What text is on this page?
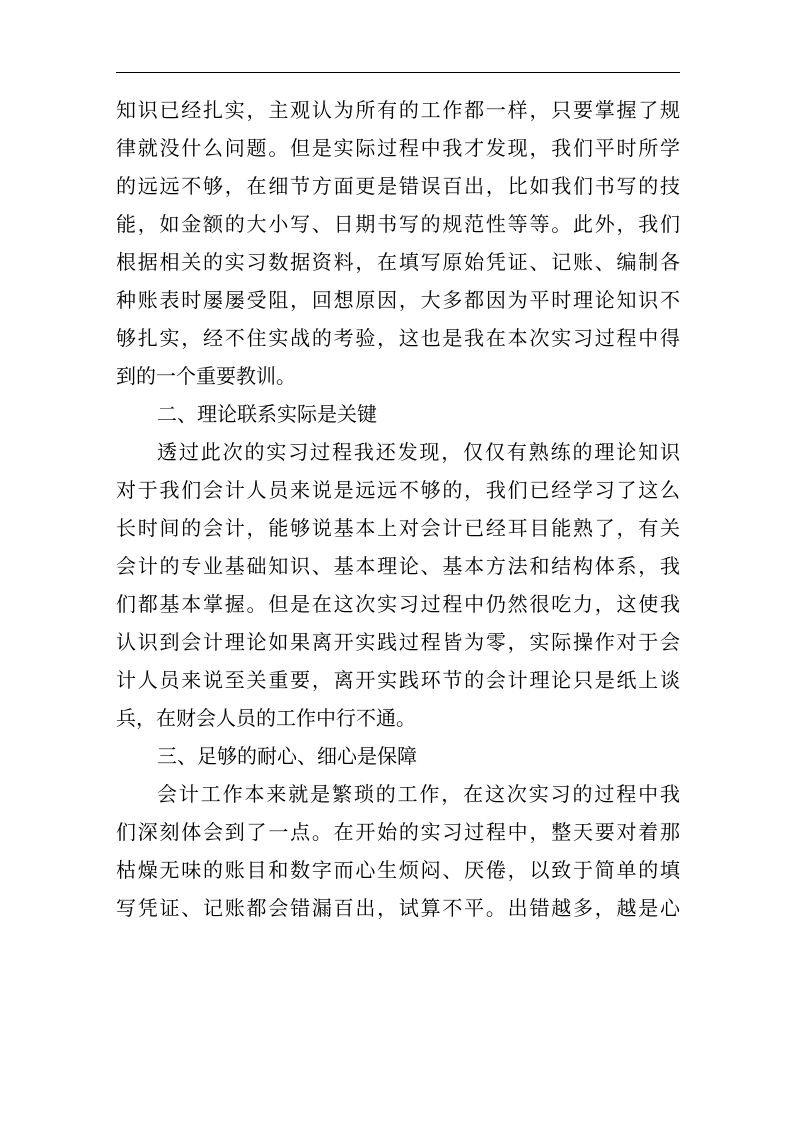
知识已经扎实，主观认为所有的工作都一样，只要掌握了规
律就没什么问题。但是实际过程中我才发现，我们平时所学
的远远不够，在细节方面更是错误百出，比如我们书写的技
能，如金额的大小写、日期书写的规范性等等。此外，我们
根据相关的实习数据资料，在填写原始凭证、记账、编制各
种账表时屡屡受阻，回想原因，大多都因为平时理论知识不
够扎实，经不住实战的考验，这也是我在本次实习过程中得
到的一个重要教训。
二、理论联系实际是关键
透过此次的实习过程我还发现，仅仅有熟练的理论知识
对于我们会计人员来说是远远不够的，我们已经学习了这么
长时间的会计，能够说基本上对会计已经耳目能熟了，有关
会计的专业基础知识、基本理论、基本方法和结构体系，我
们都基本掌握。但是在这次实习过程中仍然很吃力，这使我
认识到会计理论如果离开实践过程皆为零，实际操作对于会
计人员来说至关重要，离开实践环节的会计理论只是纸上谈
兵，在财会人员的工作中行不通。
三、足够的耐心、细心是保障
会计工作本来就是繁琐的工作，在这次实习的过程中我
们深刻体会到了一点。在开始的实习过程中，整天要对着那
枯燥无味的账目和数字而心生烦闷、厌倦，以致于简单的填
写凭证、记账都会错漏百出，试算不平。出错越多，越是心
